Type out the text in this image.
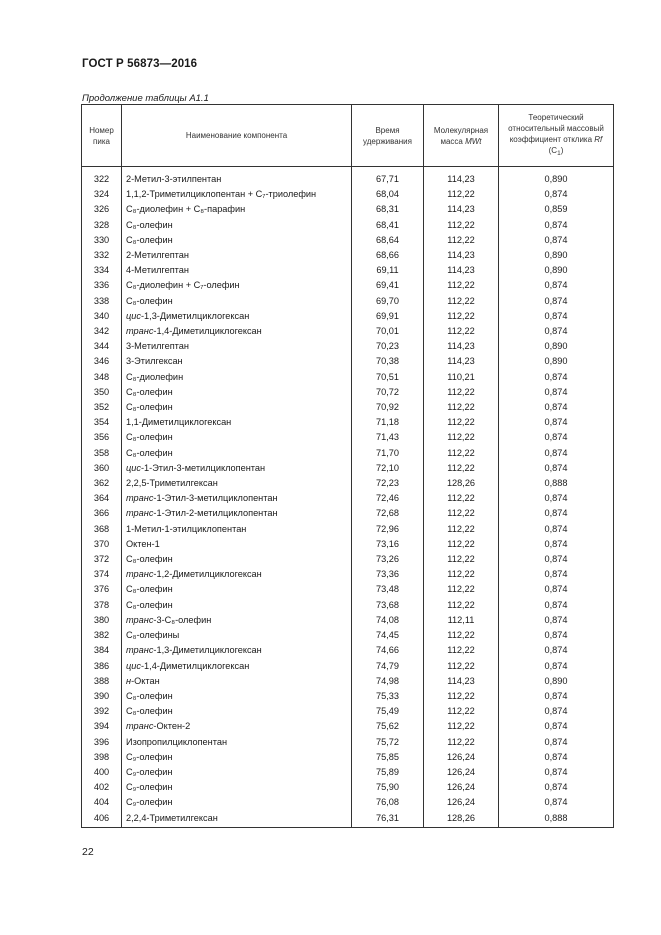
ГОСТ Р 56873—2016
Продолжение таблицы А1.1
Номер пика	Наименование компонента	Время удерживания	Молекулярная масса MWt	Теоретический относительный массовый коэффициент отклика Rf $(C_1)$
322	2-Метил-3-этилпентан	67,71	114,23	0,890
324	1,1,2-Триметилциклопентан + C₇-триолефин	68,04	112,22	0,874
326	C₈-диолефин + C₈-парафин	68,31	114,23	0,859
328	C₈-олефин	68,41	112,22	0,874
330	C₈-олефин	68,64	112,22	0,874
332	2-Метилгептан	68,66	114,23	0,890
334	4-Метилгептан	69,11	114,23	0,890
336	C₈-диолефин + C₇-олефин	69,41	112,22	0,874
338	C₈-олефин	69,70	112,22	0,874
340	цис-1,3-Диметилциклогексан	69,91	112,22	0,874
342	транс-1,4-Диметилциклогексан	70,01	112,22	0,874
344	3-Метилгептан	70,23	114,23	0,890
346	3-Этилгексан	70,38	114,23	0,890
348	C₈-диолефин	70,51	110,21	0,874
350	C₈-олефин	70,72	112,22	0,874
352	C₈-олефин	70,92	112,22	0,874
354	1,1-Диметилциклогексан	71,18	112,22	0,874
356	C₈-олефин	71,43	112,22	0,874
358	C₈-олефин	71,70	112,22	0,874
360	цис-1-Этил-3-метилциклопентан	72,10	112,22	0,874
362	2,2,5-Триметилгексан	72,23	128,26	0,888
364	транс-1-Этил-3-метилциклопентан	72,46	112,22	0,874
366	транс-1-Этил-2-метилциклопентан	72,68	112,22	0,874
368	1-Метил-1-этилциклопентан	72,96	112,22	0,874
370	Октен-1	73,16	112,22	0,874
372	C₈-олефин	73,26	112,22	0,874
374	транс-1,2-Диметилциклогексан	73,36	112,22	0,874
376	C₈-олефин	73,48	112,22	0,874
378	C₈-олефин	73,68	112,22	0,874
380	транс-3-C₈-олефин	74,08	112,11	0,874
382	C₈-олефины	74,45	112,22	0,874
384	транс-1,3-Диметилциклогексан	74,66	112,22	0,874
386	цис-1,4-Диметилциклогексан	74,79	112,22	0,874
388	н-Октан	74,98	114,23	0,890
390	C₈-олефин	75,33	112,22	0,874
392	C₈-олефин	75,49	112,22	0,874
394	транс-Октен-2	75,62	112,22	0,874
396	Изопропилциклопентан	75,72	112,22	0,874
398	C₉-олефин	75,85	126,24	0,874
400	C₉-олефин	75,89	126,24	0,874
402	C₉-олефин	75,90	126,24	0,874
404	C₉-олефин	76,08	126,24	0,874
406	2,2,4-Триметилгексан	76,31	128,26	0,888
22
